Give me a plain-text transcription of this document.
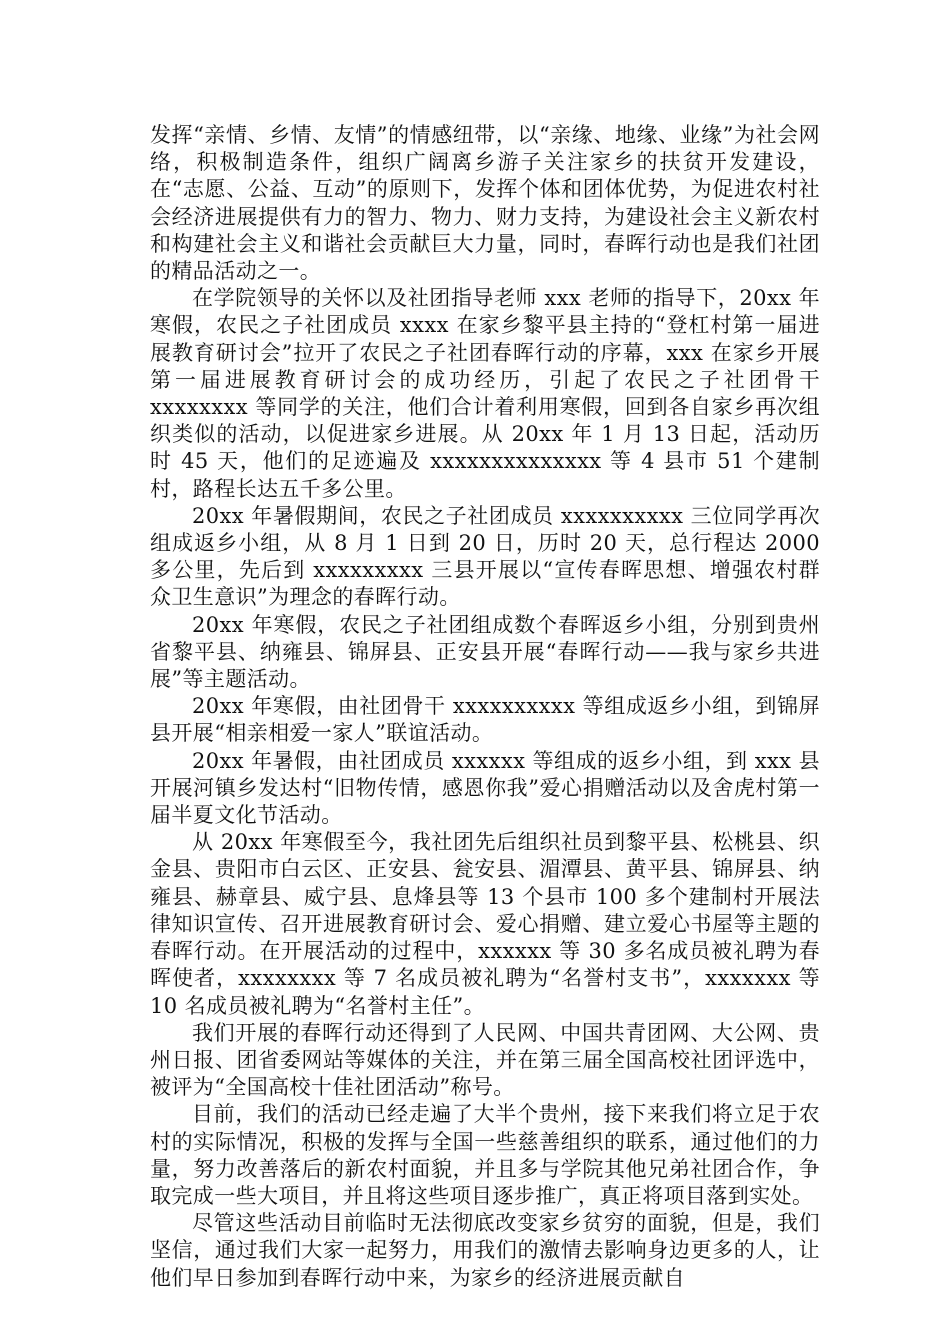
发挥“亲情、乡情、友情”的情感纽带，以“亲缘、地缘、业缘”为社会网络，积极制造条件，组织广阔离乡游子关注家乡的扶贫开发建设，在“志愿、公益、互动”的原则下，发挥个体和团体优势，为促进农村社会经济进展提供有力的智力、物力、财力支持，为建设社会主义新农村和构建社会主义和谐社会贡献巨大力量，同时，春晖行动也是我们社团的精品活动之一。

在学院领导的关怀以及社团指导老师 xxx 老师的指导下，20xx 年寒假，农民之子社团成员 xxxx 在家乡黎平县主持的“登杠村第一届进展教育研讨会”拉开了农民之子社团春晖行动的序幕，xxx 在家乡开展第一届进展教育研讨会的成功经历，引起了农民之子社团骨干 xxxxxxxx 等同学的关注，他们合计着利用寒假，回到各自家乡再次组织类似的活动，以促进家乡进展。从 20xx 年 1 月 13 日起，活动历时 45 天，他们的足迹遍及 xxxxxxxxxxxxxx 等 4 县市 51 个建制村，路程长达五千多公里。

20xx 年暑假期间，农民之子社团成员 xxxxxxxxxx 三位同学再次组成返乡小组，从 8 月 1 日到 20 日，历时 20 天，总行程达 2000 多公里，先后到 xxxxxxxxx 三县开展以“宣传春晖思想、增强农村群众卫生意识”为理念的春晖行动。

20xx 年寒假，农民之子社团组成数个春晖返乡小组，分别到贵州省黎平县、纳雍县、锦屏县、正安县开展“春晖行动——我与家乡共进展”等主题活动。

20xx 年寒假，由社团骨干 xxxxxxxxxx 等组成返乡小组，到锦屏县开展“相亲相爱一家人”联谊活动。

20xx 年暑假，由社团成员 xxxxxx 等组成的返乡小组，到 xxx 县开展河镇乡发达村“旧物传情，感恩你我”爱心捐赠活动以及舍虎村第一届半夏文化节活动。

从 20xx 年寒假至今，我社团先后组织社员到黎平县、松桃县、织金县、贵阳市白云区、正安县、瓮安县、湄潭县、黄平县、锦屏县、纳雍县、赫章县、威宁县、息烽县等 13 个县市 100 多个建制村开展法律知识宣传、召开进展教育研讨会、爱心捐赠、建立爱心书屋等主题的春晖行动。在开展活动的过程中，xxxxxx 等 30 多名成员被礼聘为春晖使者，xxxxxxxx 等 7 名成员被礼聘为“名誉村支书”，xxxxxxx 等 10 名成员被礼聘为“名誉村主任”。

我们开展的春晖行动还得到了人民网、中国共青团网、大公网、贵州日报、团省委网站等媒体的关注，并在第三届全国高校社团评选中，被评为“全国高校十佳社团活动”称号。

目前，我们的活动已经走遍了大半个贵州，接下来我们将立足于农村的实际情况，积极的发挥与全国一些慈善组织的联系，通过他们的力量，努力改善落后的新农村面貌，并且多与学院其他兄弟社团合作，争取完成一些大项目，并且将这些项目逐步推广，真正将项目落到实处。

尽管这些活动目前临时无法彻底改变家乡贫穷的面貌，但是，我们坚信，通过我们大家一起努力，用我们的激情去影响身边更多的人，让他们早日参加到春晖行动中来，为家乡的经济进展贡献自
